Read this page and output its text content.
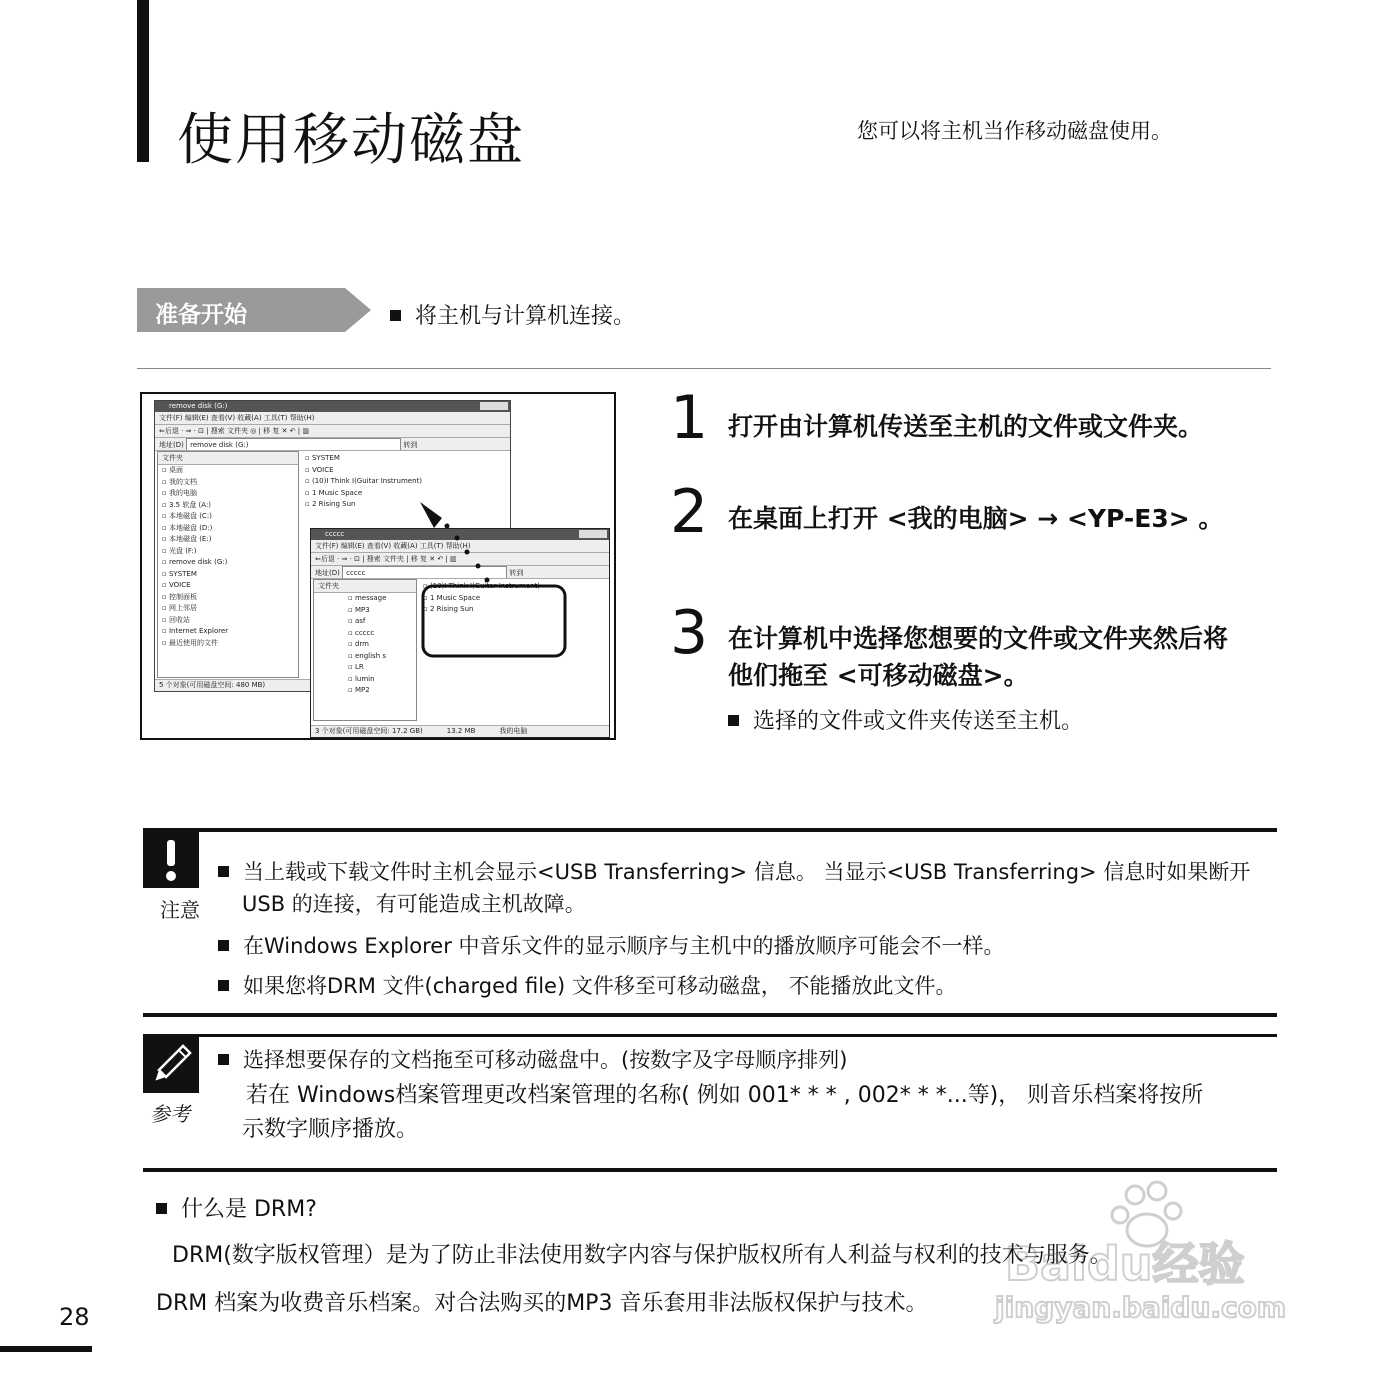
使用移动磁盘	您可以将主机当作移动磁盘使用。
准备开始	将主机与计算机连接。
remove disk (G:)
文件(F) 编辑(E) 查看(V) 收藏(A) 工具(T) 帮助(H)
⇐后退 · ⇒ · ⊡ | 搜索 文件夹 ◎ | 移 复 ✕ ↶ | ▥
地址(D) remove disk (G:)	转到
文件夹
▫ 桌面
▫ 我的文档
▫ 我的电脑
▫ 3.5 软盘 (A:)
▫ 本地磁盘 (C:)
▫ 本地磁盘 (D:)
▫ 本地磁盘 (E:)
▫ 光盘 (F:)
▫ remove disk (G:)
▫ SYSTEM
▫ VOICE
▫ 控制面板
▫ 网上邻居
▫ 回收站
▫ Internet Explorer
▫ 最近使用的文件
▫ SYSTEM
▫ VOICE
▫ (10)I Think I(Guitar Instrument)
▫ 1 Music Space
▫ 2 Rising Sun
5 个对象(可用磁盘空间: 480 MB)
ccccc
文件(F) 编辑(E) 查看(V) 收藏(A) 工具(T) 帮助(H)
⇐后退 · ⇒ · ⊡ | 搜索 文件夹 | 移 复 ✕ ↶ | ▥
地址(D) ccccc	转到
文件夹
▫ message
▫ MP3
▫ asf
▫ ccccc
▫ drm
▫ english s
▫ LR
▫ lumin
▫ MP2
▫ (10)I Think I(Guitar Instrument)
▫ 1 Music Space
▫ 2 Rising Sun
3 个对象(可用磁盘空间: 17.2 GB)	13.2 MB	我的电脑
1 打开由计算机传送至主机的文件或文件夹。
2 在桌面上打开 <我的电脑> → <YP-E3> 。
3 在计算机中选择您想要的文件或文件夹然后将
他们拖至 <可移动磁盘>。
选择的文件或文件夹传送至主机。
注意
当上载或下载文件时主机会显示<USB Transferring> 信息。 当显示<USB Transferring> 信息时如果断开
USB 的连接，有可能造成主机故障。
在Windows Explorer 中音乐文件的显示顺序与主机中的播放顺序可能会不一样。
如果您将DRM 文件(charged file) 文件移至可移动磁盘， 不能播放此文件。
参考
选择想要保存的文档拖至可移动磁盘中。(按数字及字母顺序排列)
若在 Windows档案管理更改档案管理的名称( 例如 001* * * , 002* * *...等)， 则音乐档案将按所
示数字顺序播放。
什么是 DRM?
DRM(数字版权管理）是为了防止非法使用数字内容与保护版权所有人利益与权利的技术与服务。
DRM 档案为收费音乐档案。对合法购买的MP3 音乐套用非法版权保护与技术。
Baidu经验
jingyan.baidu.com
28
